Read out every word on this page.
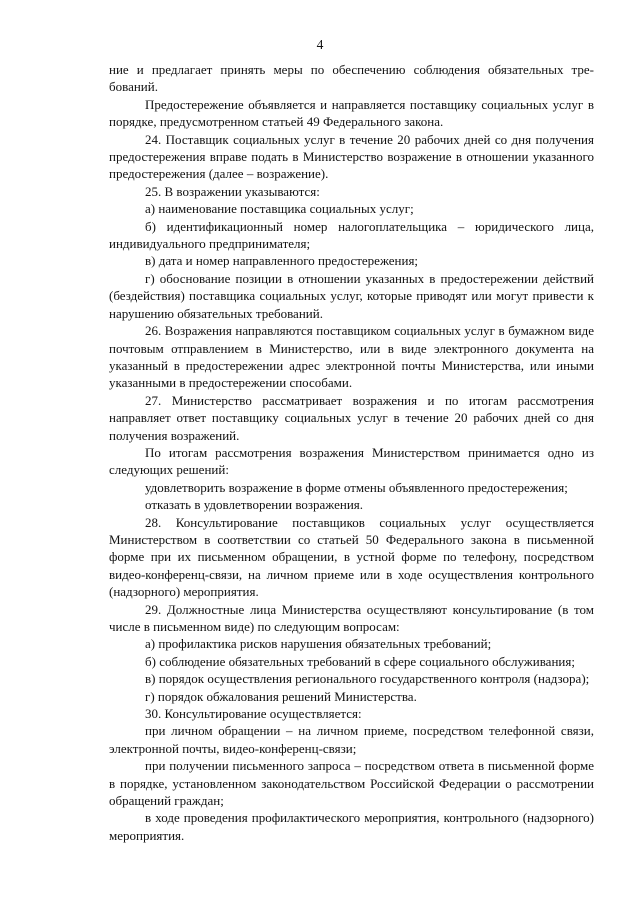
4

ние и предлагает принять меры по обеспечению соблюдения обязательных требований.

Предостережение объявляется и направляется поставщику социальных услуг в порядке, предусмотренном статьей 49 Федерального закона.

24. Поставщик социальных услуг в течение 20 рабочих дней со дня получения предостережения вправе подать в Министерство возражение в отношении указанного предостережения (далее – возражение).

25. В возражении указываются:

а) наименование поставщика социальных услуг;

б) идентификационный номер налогоплательщика – юридического лица, индивидуального предпринимателя;

в) дата и номер направленного предостережения;

г) обоснование позиции в отношении указанных в предостережении действий (бездействия) поставщика социальных услуг, которые приводят или могут привести к нарушению обязательных требований.

26. Возражения направляются поставщиком социальных услуг в бумажном виде почтовым отправлением в Министерство, или в виде электронного документа на указанный в предостережении адрес электронной почты Министерства, или иными указанными в предостережении способами.

27. Министерство рассматривает возражения и по итогам рассмотрения направляет ответ поставщику социальных услуг в течение 20 рабочих дней со дня получения возражений.

По итогам рассмотрения возражения Министерством принимается одно из следующих решений:

удовлетворить возражение в форме отмены объявленного предостережения;

отказать в удовлетворении возражения.

28. Консультирование поставщиков социальных услуг осуществляется Министерством в соответствии со статьей 50 Федерального закона в письменной форме при их письменном обращении, в устной форме по телефону, посредством видео-конференц-связи, на личном приеме или в ходе осуществления контрольного (надзорного) мероприятия.

29. Должностные лица Министерства осуществляют консультирование (в том числе в письменном виде) по следующим вопросам:

а) профилактика рисков нарушения обязательных требований;

б) соблюдение обязательных требований в сфере социального обслуживания;

в) порядок осуществления регионального государственного контроля (надзора);

г) порядок обжалования решений Министерства.

30. Консультирование осуществляется:

при личном обращении – на личном приеме, посредством телефонной связи, электронной почты, видео-конференц-связи;

при получении письменного запроса – посредством ответа в письменной форме в порядке, установленном законодательством Российской Федерации о рассмотрении обращений граждан;

в ходе проведения профилактического мероприятия, контрольного (надзорного) мероприятия.
